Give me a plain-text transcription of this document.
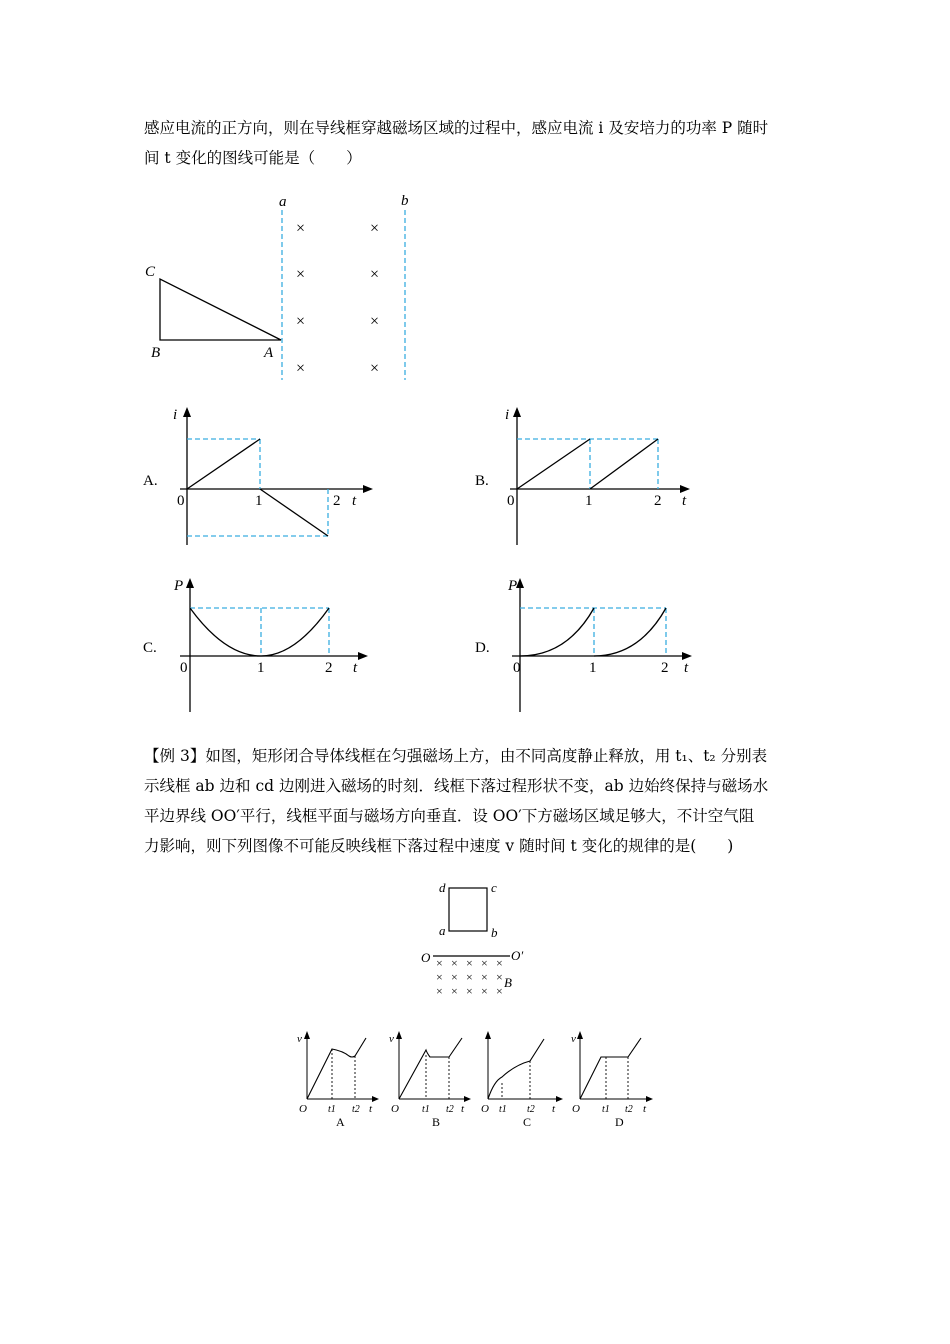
感应电流的正方向，则在导线框穿越磁场区域的过程中，感应电流 i 及安培力的功率 P 随时
间 t 变化的图线可能是（　　）
a	b
×	×
×	×
×	×
×	×
C
B	A
A.
i
t
0	1	2
B.
i
t
0	1	2
C.
P
t
0	1	2
D.
P
t
0	1	2
【例 3】如图，矩形闭合导体线框在匀强磁场上方，由不同高度静止释放，用 t₁、t₂ 分别表
示线框 ab 边和 cd 边刚进入磁场的时刻．线框下落过程形状不变，ab 边始终保持与磁场水
平边界线 OO′平行，线框平面与磁场方向垂直．设 OO′下方磁场区域足够大，不计空气阻
力影响，则下列图像不可能反映线框下落过程中速度 v 随时间 t 变化的规律的是(　　)
d	c
a	b
O	O′
× × × × ×
× × × × ×
× × × × ×
B
v
O t1 t2 t
A
v
O t1 t2 t
B
O t1 t2 t
C
v
O t1 t2 t
D
